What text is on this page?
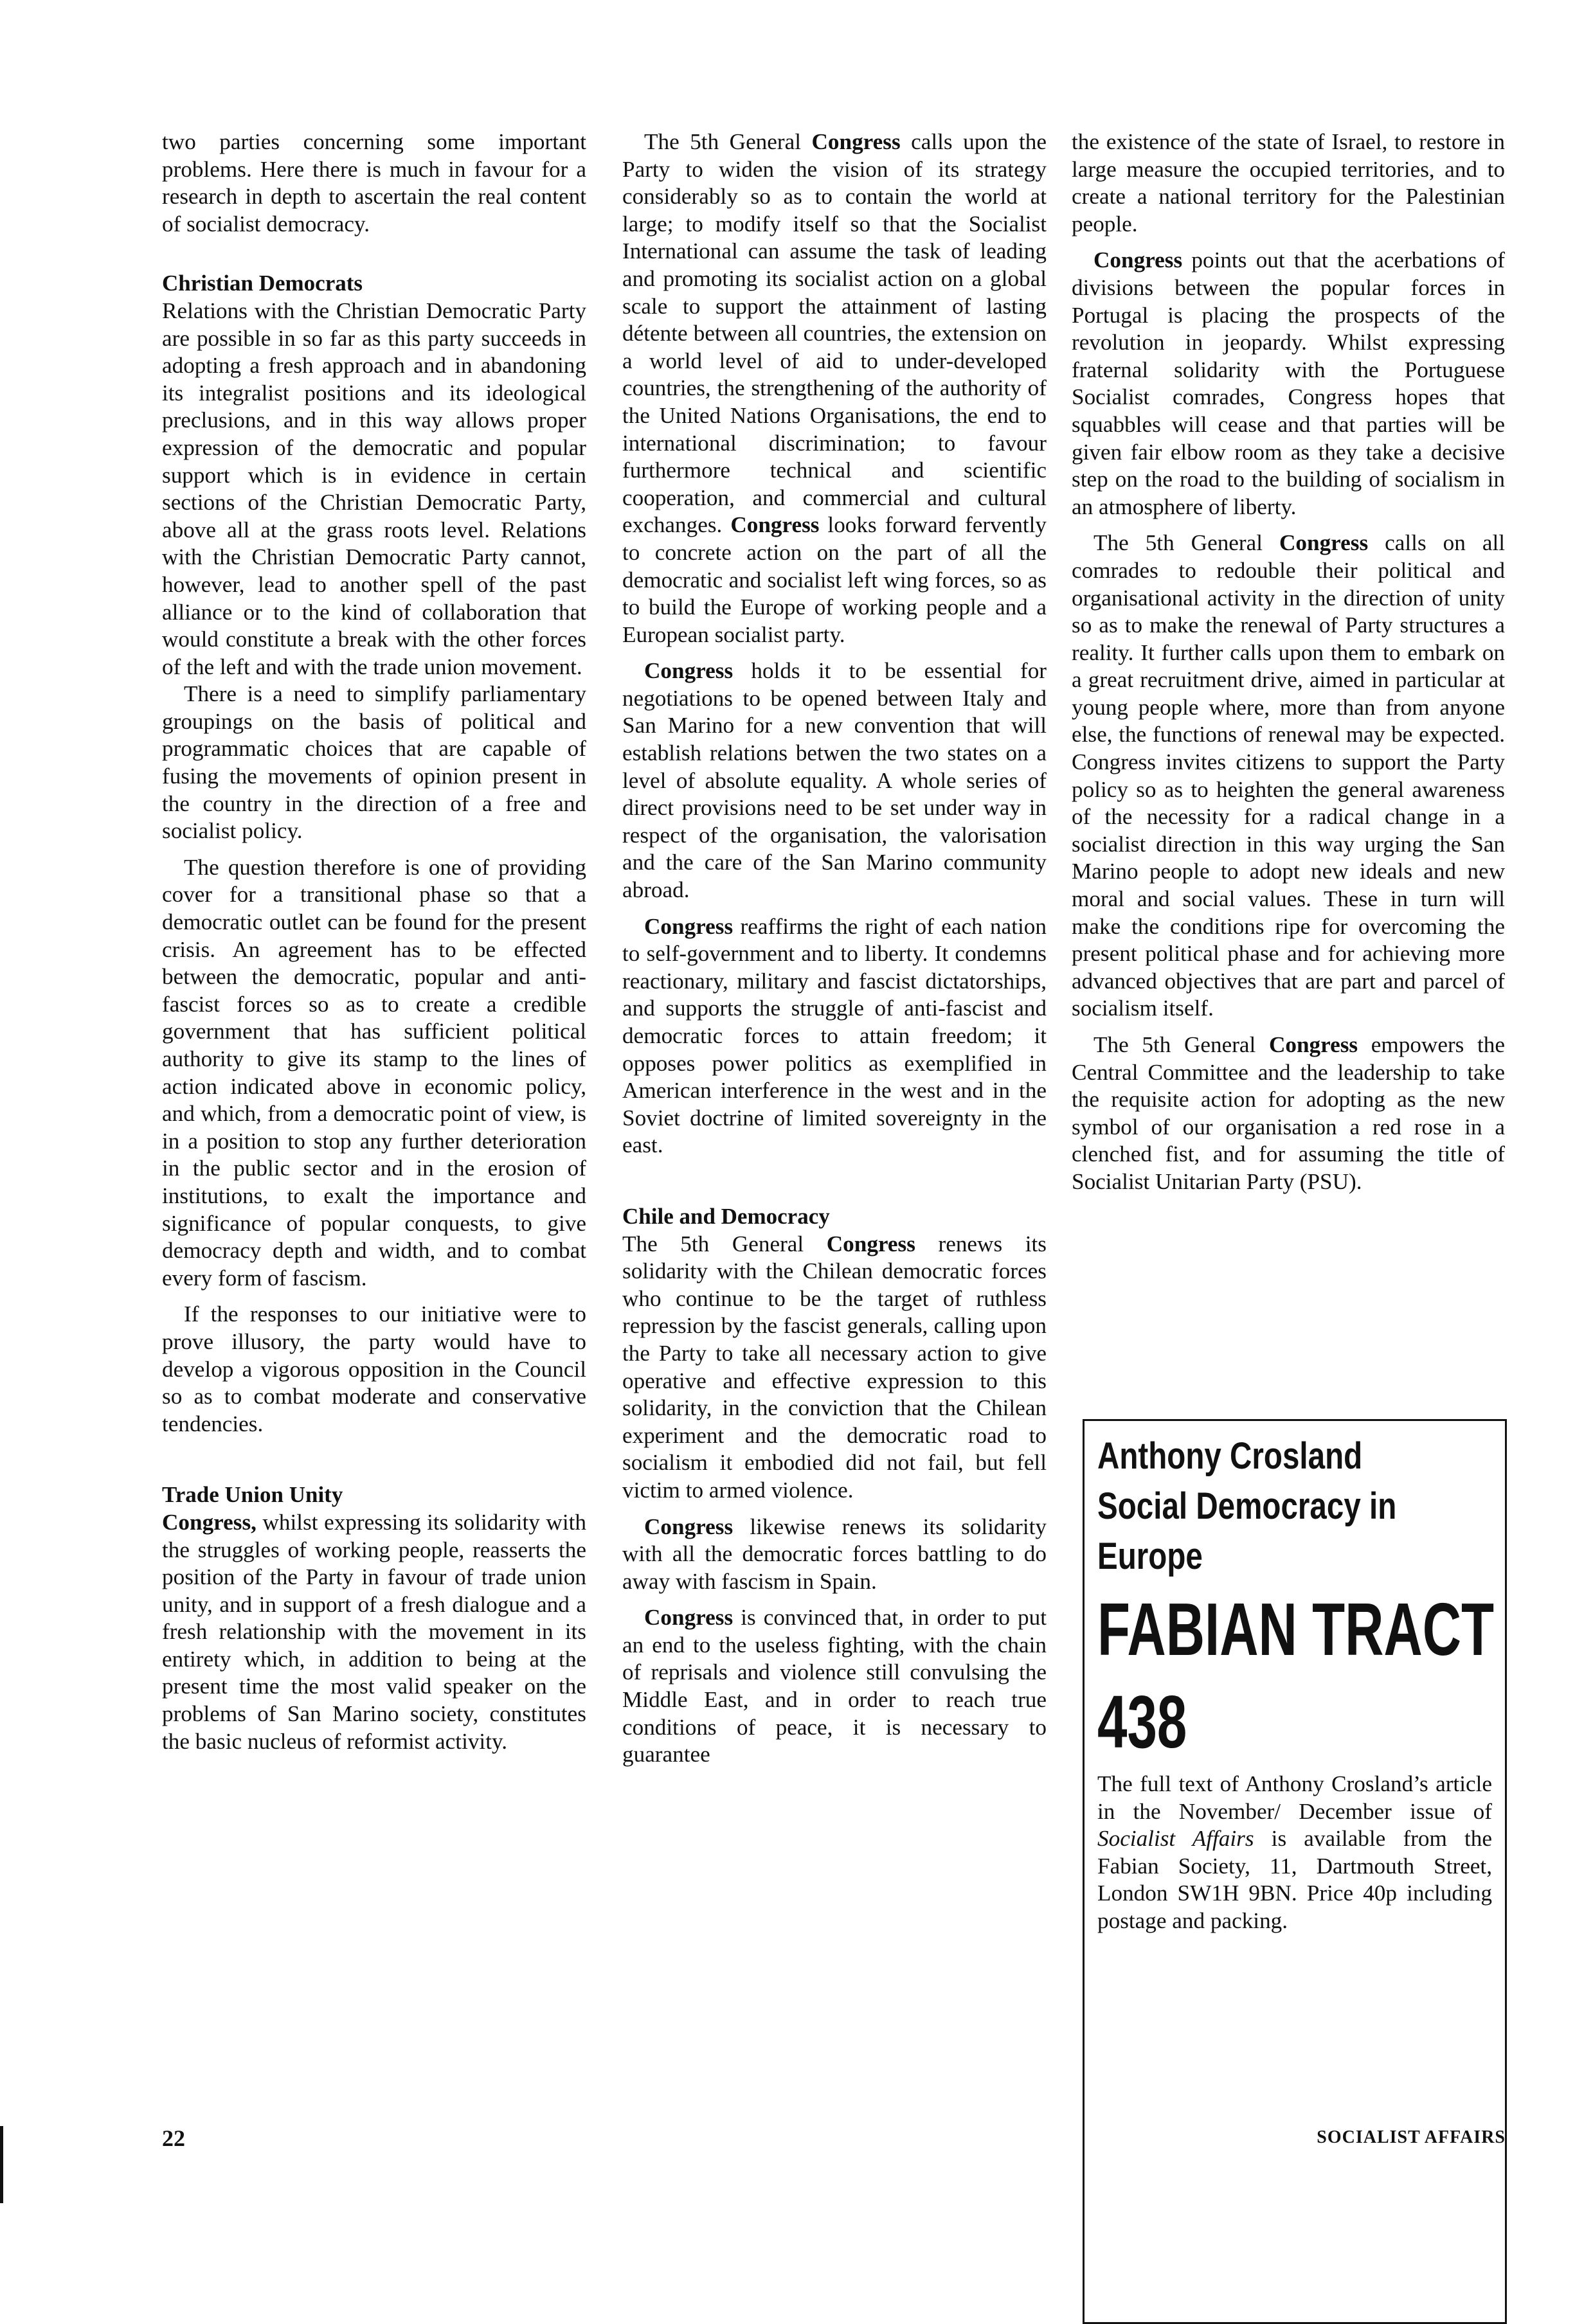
two parties concerning some important problems. Here there is much in favour for a research in depth to ascertain the real content of socialist democracy.

Christian Democrats

Relations with the Christian Democratic Party are possible in so far as this party succeeds in adopting a fresh approach and in abandoning its integralist positions and its ideological preclusions, and in this way allows proper expression of the democratic and popular support which is in evidence in certain sections of the Christian Democratic Party, above all at the grass roots level. Relations with the Christian Democratic Party cannot, however, lead to another spell of the past alliance or to the kind of collaboration that would constitute a break with the other forces of the left and with the trade union movement.

There is a need to simplify parliamentary groupings on the basis of political and programmatic choices that are capable of fusing the movements of opinion present in the country in the direction of a free and socialist policy.

The question therefore is one of providing cover for a transitional phase so that a democratic outlet can be found for the present crisis. An agreement has to be effected between the democratic, popular and anti-fascist forces so as to create a credible government that has sufficient political authority to give its stamp to the lines of action indicated above in economic policy, and which, from a democratic point of view, is in a position to stop any further deterioration in the public sector and in the erosion of institutions, to exalt the importance and significance of popular conquests, to give democracy depth and width, and to combat every form of fascism.

If the responses to our initiative were to prove illusory, the party would have to develop a vigorous opposition in the Council so as to combat moderate and conservative tendencies.

Trade Union Unity

Congress, whilst expressing its solidarity with the struggles of working people, reasserts the position of the Party in favour of trade union unity, and in support of a fresh dialogue and a fresh relationship with the movement in its entirety which, in addition to being at the present time the most valid speaker on the problems of San Marino society, constitutes the basic nucleus of reformist activity.

The 5th General Congress calls upon the Party to widen the vision of its strategy considerably so as to contain the world at large; to modify itself so that the Socialist International can assume the task of leading and promoting its socialist action on a global scale to support the attainment of lasting détente between all countries, the extension on a world level of aid to under-developed countries, the strengthening of the authority of the United Nations Organisations, the end to international discrimination; to favour furthermore technical and scientific cooperation, and commercial and cultural exchanges. Congress looks forward fervently to concrete action on the part of all the democratic and socialist left wing forces, so as to build the Europe of working people and a European socialist party.

Congress holds it to be essential for negotiations to be opened between Italy and San Marino for a new convention that will establish relations betwen the two states on a level of absolute equality. A whole series of direct provisions need to be set under way in respect of the organisation, the valorisation and the care of the San Marino community abroad.

Congress reaffirms the right of each nation to self-government and to liberty. It condemns reactionary, military and fascist dictatorships, and supports the struggle of anti-fascist and democratic forces to attain freedom; it opposes power politics as exemplified in American interference in the west and in the Soviet doctrine of limited sovereignty in the east.

Chile and Democracy

The 5th General Congress renews its solidarity with the Chilean democratic forces who continue to be the target of ruthless repression by the fascist generals, calling upon the Party to take all necessary action to give operative and effective expression to this solidarity, in the conviction that the Chilean experiment and the democratic road to socialism it embodied did not fail, but fell victim to armed violence.

Congress likewise renews its solidarity with all the democratic forces battling to do away with fascism in Spain.

Congress is convinced that, in order to put an end to the useless fighting, with the chain of reprisals and violence still convulsing the Middle East, and in order to reach true conditions of peace, it is necessary to guarantee

the existence of the state of Israel, to restore in large measure the occupied territories, and to create a national territory for the Palestinian people.

Congress points out that the acerbations of divisions between the popular forces in Portugal is placing the prospects of the revolution in jeopardy. Whilst expressing fraternal solidarity with the Portuguese Socialist comrades, Congress hopes that squabbles will cease and that parties will be given fair elbow room as they take a decisive step on the road to the building of socialism in an atmosphere of liberty.

The 5th General Congress calls on all comrades to redouble their political and organisational activity in the direction of unity so as to make the renewal of Party structures a reality. It further calls upon them to embark on a great recruitment drive, aimed in particular at young people where, more than from anyone else, the functions of renewal may be expected. Congress invites citizens to support the Party policy so as to heighten the general awareness of the necessity for a radical change in a socialist direction in this way urging the San Marino people to adopt new ideals and new moral and social values. These in turn will make the conditions ripe for overcoming the present political phase and for achieving more advanced objectives that are part and parcel of socialism itself.

The 5th General Congress empowers the Central Committee and the leadership to take the requisite action for adopting as the new symbol of our organisation a red rose in a clenched fist, and for assuming the title of Socialist Unitarian Party (PSU).

Anthony Crosland
Social Democracy in
Europe
FABIAN TRACT
438

The full text of Anthony Crosland’s article in the November/ December issue of Socialist Affairs is available from the Fabian Society, 11, Dartmouth Street, London SW1H 9BN. Price 40p including postage and packing.

22	SOCIALIST AFFAIRS
